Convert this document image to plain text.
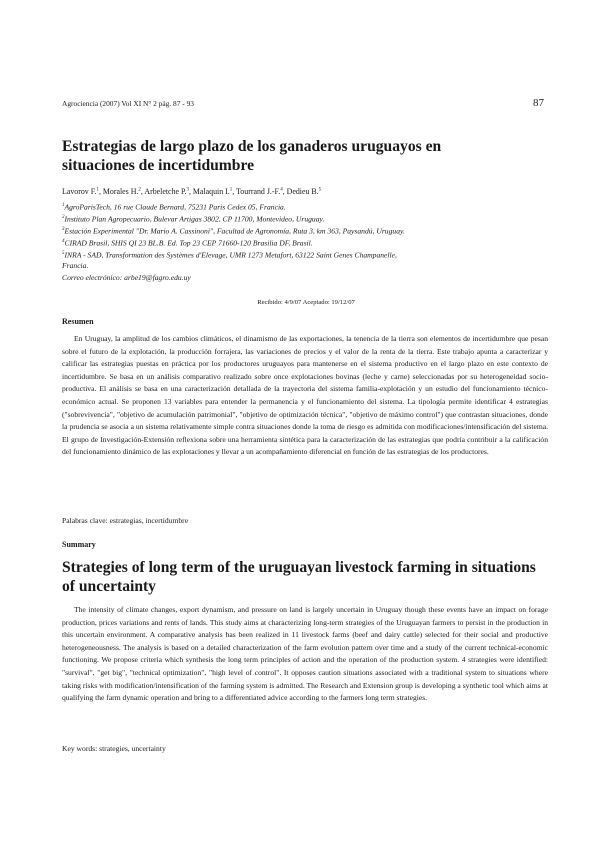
Agrociencia (2007) Vol XI N° 2 pág. 87 - 93	87
Estrategias de largo plazo de los ganaderos uruguayos en situaciones de incertidumbre
Lavorov F.$^1$, Morales H.$^2$, Arbeletche P.$^3$, Malaquin I.$^1$, Tourrand J.-F.$^4$, Dedieu B.$^5$
$^1$AgroParisTech, 16 rue Claude Bernard, 75231 Paris Cedex 05, Francia.
$^2$Instituto Plan Agropecuario, Bulevar Artigas 3802, CP 11700, Montevideo, Uruguay.
$^3$Estación Experimental "Dr. Mario A. Cassinoni", Facultad de Agronomía, Ruta 3, km 363, Paysandú, Uruguay.
$^4$CIRAD Brasil, SHIS QI 23 BL.B. Ed. Top 23 CEP 71660-120 Brasilia DF, Brasil.
$^5$INRA - SAD, Transformation des Systèmes d'Elevage, UMR 1273 Metafort, 63122 Saint Genes Champanelle,
Francia.
Correo electrónico: arbe19@fagro.edu.uy
Recibido: 4/9/07 Aceptado: 19/12/07
Resumen

En Uruguay, la amplitud de los cambios climáticos, el dinamismo de las exportaciones, la tenencia de la tierra son elementos de incertidumbre que pesan sobre el futuro de la explotación, la producción forrajera, las variaciones de precios y el valor de la renta de la tierra. Este trabajo apunta a caracterizar y calificar las estrategias puestas en práctica por los productores uruguayos para mantenerse en el sistema productivo en el largo plazo en este contexto de incertidumbre. Se basa en un análisis comparativo realizado sobre once explotaciones bovinas (leche y carne) seleccionadas por su heterogeneidad socio-productiva. El análisis se basa en una caracterización detallada de la trayectoria del sistema familia-explotación y un estudio del funcionamiento técnico-económico actual. Se proponen 13 variables para entender la permanencia y el funcionamiento del sistema. La tipología permite identificar 4 estrategias ("sobrevivencia", "objetivo de acumulación patrimonial", "objetivo de optimización técnica", "objetivo de máximo control") que contrastan situaciones, donde la prudencia se asocia a un sistema relativamente simple contra situaciones donde la toma de riesgo es admitida con modificaciones/intensificación del sistema. El grupo de Investigación-Extensión reflexiona sobre una herramienta sintética para la caracterización de las estrategias que podría contribuir a la calificación del funcionamiento dinámico de las explotaciones y llevar a un acompañamiento diferencial en función de las estrategias de los productores.

Palabras clave: estrategias, incertidumbre
Summary
Strategies of long term of the uruguayan livestock farming in situations of uncertainty

The intensity of climate changes, export dynamism, and pressure on land is largely uncertain in Uruguay though these events have an impact on forage production, prices variations and rents of lands. This study aims at characterizing long-term strategies of the Uruguayan farmers to persist in the production in this uncertain environment. A comparative analysis has been realized in 11 livestock farms (beef and dairy cattle) selected for their social and productive heterogeneousness. The analysis is based on a detailed characterization of the farm evolution pattern over time and a study of the current technical-economic functioning. We propose criteria which synthesis the long term principles of action and the operation of the production system. 4 strategies were identified: "survival", "get big", "technical optimization", "high level of control". It opposes caution situations associated with a traditional system to situations where taking risks with modification/intensification of the farming system is admitted. The Research and Extension group is developing a synthetic tool which aims at qualifying the farm dynamic operation and bring to a differentiated advice according to the farmers long term strategies.

Key words: strategies, uncertainty
